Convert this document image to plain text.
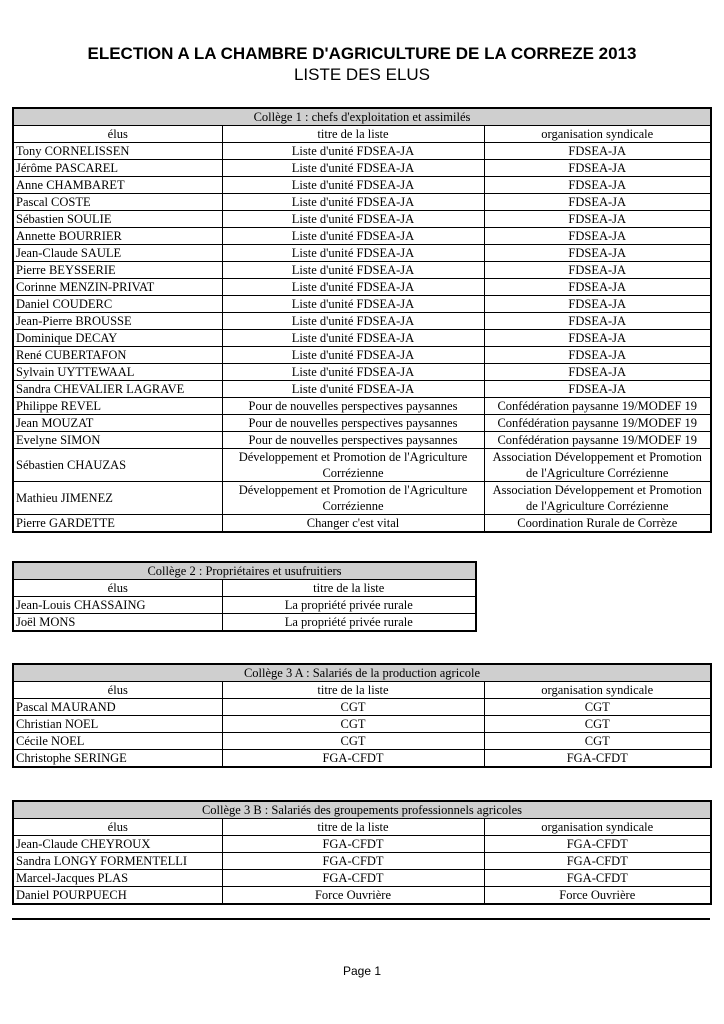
ELECTION A LA CHAMBRE D'AGRICULTURE DE LA CORREZE 2013
LISTE DES ELUS
Collège 1 : chefs d'exploitation et assimilés		
élus	titre de la liste	organisation syndicale
Tony CORNELISSEN	Liste d'unité FDSEA-JA	FDSEA-JA
Jérôme PASCAREL	Liste d'unité FDSEA-JA	FDSEA-JA
Anne CHAMBARET	Liste d'unité FDSEA-JA	FDSEA-JA
Pascal COSTE	Liste d'unité FDSEA-JA	FDSEA-JA
Sébastien SOULIE	Liste d'unité FDSEA-JA	FDSEA-JA
Annette BOURRIER	Liste d'unité FDSEA-JA	FDSEA-JA
Jean-Claude SAULE	Liste d'unité FDSEA-JA	FDSEA-JA
Pierre BEYSSERIE	Liste d'unité FDSEA-JA	FDSEA-JA
Corinne MENZIN-PRIVAT	Liste d'unité FDSEA-JA	FDSEA-JA
Daniel COUDERC	Liste d'unité FDSEA-JA	FDSEA-JA
Jean-Pierre BROUSSE	Liste d'unité FDSEA-JA	FDSEA-JA
Dominique DECAY	Liste d'unité FDSEA-JA	FDSEA-JA
René CUBERTAFON	Liste d'unité FDSEA-JA	FDSEA-JA
Sylvain UYTTEWAAL	Liste d'unité FDSEA-JA	FDSEA-JA
Sandra CHEVALIER LAGRAVE	Liste d'unité FDSEA-JA	FDSEA-JA
Philippe REVEL	Pour de nouvelles perspectives paysannes	Confédération paysanne 19/MODEF 19
Jean MOUZAT	Pour de nouvelles perspectives paysannes	Confédération paysanne 19/MODEF 19
Evelyne SIMON	Pour de nouvelles perspectives paysannes	Confédération paysanne 19/MODEF 19
Sébastien CHAUZAS	Développement et Promotion de l'Agriculture Corrézienne	Association Développement et Promotion de l'Agriculture Corrézienne
Mathieu JIMENEZ	Développement et Promotion de l'Agriculture Corrézienne	Association Développement et Promotion de l'Agriculture Corrézienne
Pierre GARDETTE	Changer c'est vital	Coordination Rurale de Corrèze
Collège 2 : Propriétaires et usufruitiers	
élus	titre de la liste
Jean-Louis CHASSAING	La propriété privée rurale
Joël MONS	La propriété privée rurale
Collège 3 A : Salariés de la production agricole		
élus	titre de la liste	organisation syndicale
Pascal MAURAND	CGT	CGT
Christian NOEL	CGT	CGT
Cécile NOEL	CGT	CGT
Christophe SERINGE	FGA-CFDT	FGA-CFDT
Collège 3 B : Salariés des groupements professionnels agricoles		
élus	titre de la liste	organisation syndicale
Jean-Claude CHEYROUX	FGA-CFDT	FGA-CFDT
Sandra LONGY FORMENTELLI	FGA-CFDT	FGA-CFDT
Marcel-Jacques PLAS	FGA-CFDT	FGA-CFDT
Daniel POURPUECH	Force Ouvrière	Force Ouvrière
Page 1
